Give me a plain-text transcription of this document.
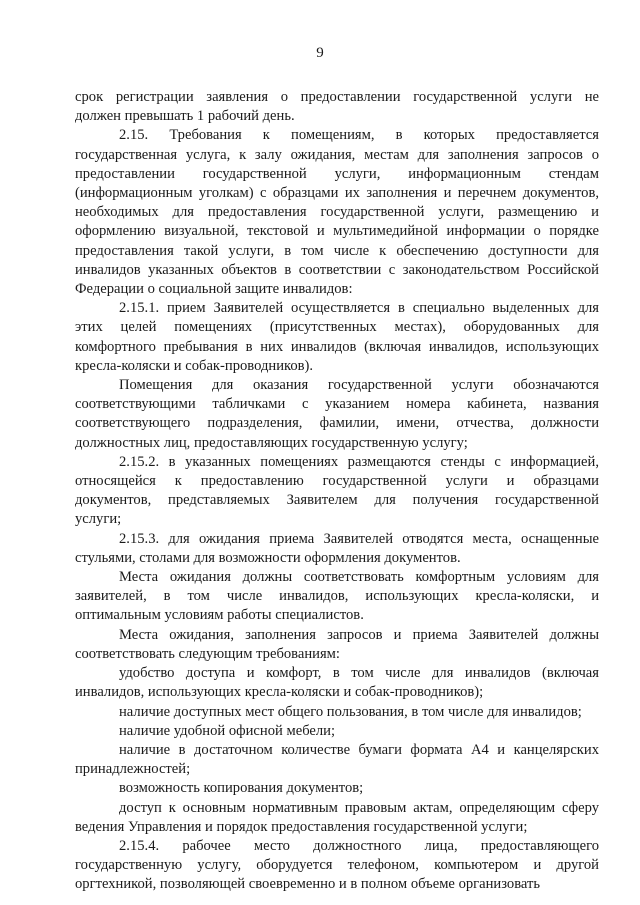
9
срок регистрации заявления о предоставлении государственной услуги не
должен превышать 1 рабочий день.
2.15. Требования к помещениям, в которых предоставляется
государственная услуга, к залу ожидания, местам для заполнения запросов о
предоставлении государственной услуги, информационным стендам
(информационным уголкам) с образцами их заполнения и перечнем документов,
необходимых для предоставления государственной услуги, размещению и
оформлению визуальной, текстовой и мультимедийной информации о порядке
предоставления такой услуги, в том числе к обеспечению доступности для
инвалидов указанных объектов в соответствии с законодательством Российской
Федерации о социальной защите инвалидов:
2.15.1. прием Заявителей осуществляется в специально выделенных для
этих целей помещениях (присутственных местах), оборудованных для
комфортного пребывания в них инвалидов (включая инвалидов, использующих
кресла-коляски и собак-проводников).
Помещения для оказания государственной услуги обозначаются
соответствующими табличками с указанием номера кабинета, названия
соответствующего подразделения, фамилии, имени, отчества, должности
должностных лиц, предоставляющих государственную услугу;
2.15.2. в указанных помещениях размещаются стенды с информацией,
относящейся к предоставлению государственной услуги и образцами
документов, представляемых Заявителем для получения государственной
услуги;
2.15.3. для ожидания приема Заявителей отводятся места, оснащенные
стульями, столами для возможности оформления документов.
Места ожидания должны соответствовать комфортным условиям для
заявителей, в том числе инвалидов, использующих кресла-коляски, и
оптимальным условиям работы специалистов.
Места ожидания, заполнения запросов и приема Заявителей должны
соответствовать следующим требованиям:
удобство доступа и комфорт, в том числе для инвалидов (включая
инвалидов, использующих кресла-коляски и собак-проводников);
наличие доступных мест общего пользования, в том числе для инвалидов;
наличие удобной офисной мебели;
наличие в достаточном количестве бумаги формата А4 и канцелярских
принадлежностей;
возможность копирования документов;
доступ к основным нормативным правовым актам, определяющим сферу
ведения Управления и порядок предоставления государственной услуги;
2.15.4. рабочее место должностного лица, предоставляющего
государственную услугу, оборудуется телефоном, компьютером и другой
оргтехникой, позволяющей своевременно и в полном объеме организовать
